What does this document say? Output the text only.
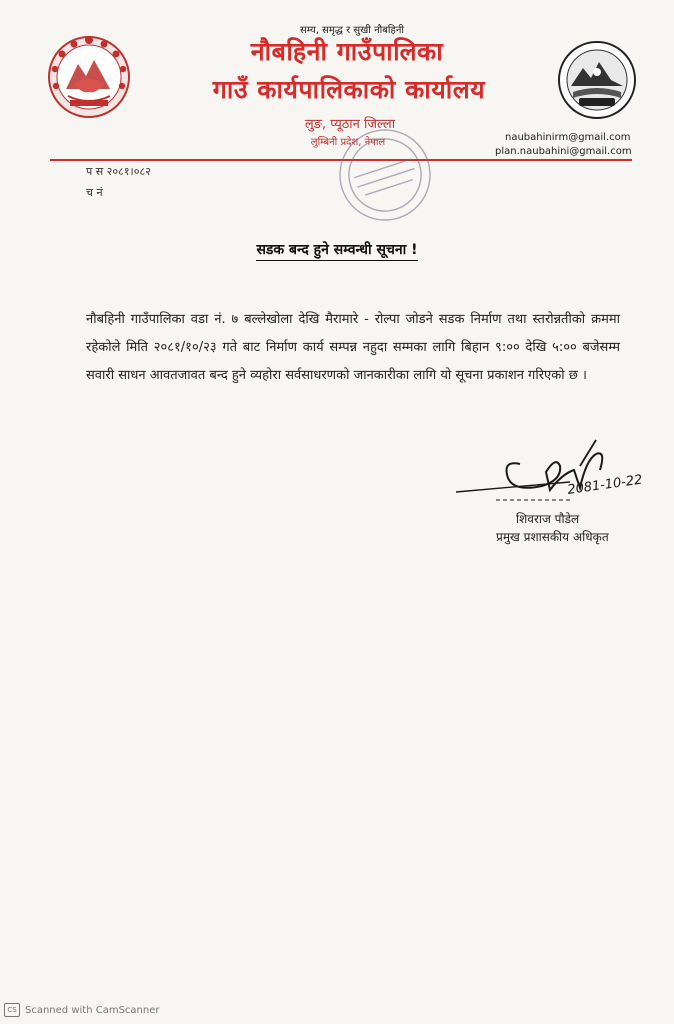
सम्य, समृद्ध र सुखी नौबहिनी
नौबहिनी गाउँपालिका
गाउँ कार्यपालिकाको कार्यालय
लुङ, प्यूठान जिल्ला
लुम्बिनी प्रदेश, नेपाल	naubahinirm@gmail.com
plan.naubahini@gmail.com
प स २०८१।०८२
च नं
सडक बन्द हुने सम्वन्धी सूचना !
नौबहिनी गाउँपालिका वडा नं. ७ बल्लेखोला देखि मैरामारे - रोल्पा जोडने सडक निर्माण तथा स्तरोन्नतीको क्रममा रहेकोले मिति २०८१/१०/२३ गते बाट निर्माण कार्य सम्पन्न नहुदा सम्मका लागि बिहान ९:०० देखि ५:०० बजेसम्म सवारी साधन आवतजावत बन्द हुने व्यहोरा सर्वसाधरणको जानकारीका लागि यो सूचना प्रकाशन गरिएको छ ।
2081-10-22
शिवराज पौडेल
प्रमुख प्रशासकीय अधिकृत
CS Scanned with CamScanner
